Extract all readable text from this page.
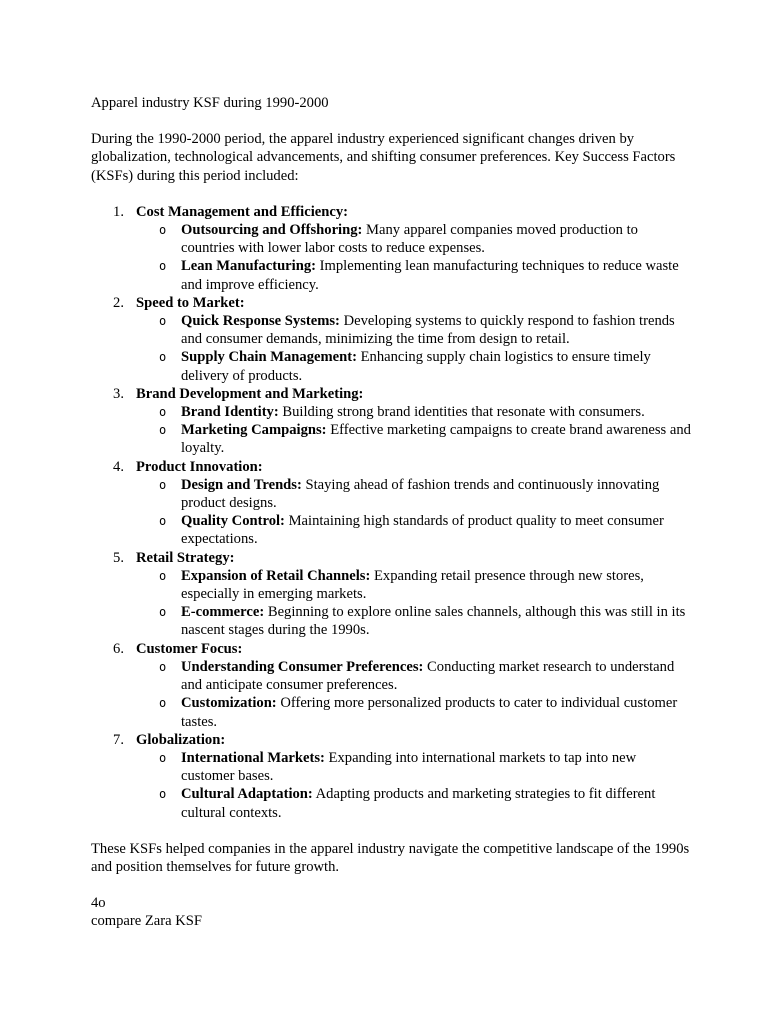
Apparel industry KSF during 1990-2000

During the 1990-2000 period, the apparel industry experienced significant changes driven by globalization, technological advancements, and shifting consumer preferences. Key Success Factors (KSFs) during this period included:

1. Cost Management and Efficiency:
o Outsourcing and Offshoring: Many apparel companies moved production to countries with lower labor costs to reduce expenses.
o Lean Manufacturing: Implementing lean manufacturing techniques to reduce waste and improve efficiency.
2. Speed to Market:
o Quick Response Systems: Developing systems to quickly respond to fashion trends and consumer demands, minimizing the time from design to retail.
o Supply Chain Management: Enhancing supply chain logistics to ensure timely delivery of products.
3. Brand Development and Marketing:
o Brand Identity: Building strong brand identities that resonate with consumers.
o Marketing Campaigns: Effective marketing campaigns to create brand awareness and loyalty.
4. Product Innovation:
o Design and Trends: Staying ahead of fashion trends and continuously innovating product designs.
o Quality Control: Maintaining high standards of product quality to meet consumer expectations.
5. Retail Strategy:
o Expansion of Retail Channels: Expanding retail presence through new stores, especially in emerging markets.
o E-commerce: Beginning to explore online sales channels, although this was still in its nascent stages during the 1990s.
6. Customer Focus:
o Understanding Consumer Preferences: Conducting market research to understand and anticipate consumer preferences.
o Customization: Offering more personalized products to cater to individual customer tastes.
7. Globalization:
o International Markets: Expanding into international markets to tap into new customer bases.
o Cultural Adaptation: Adapting products and marketing strategies to fit different cultural contexts.

These KSFs helped companies in the apparel industry navigate the competitive landscape of the 1990s and position themselves for future growth.

4o

compare Zara KSF
